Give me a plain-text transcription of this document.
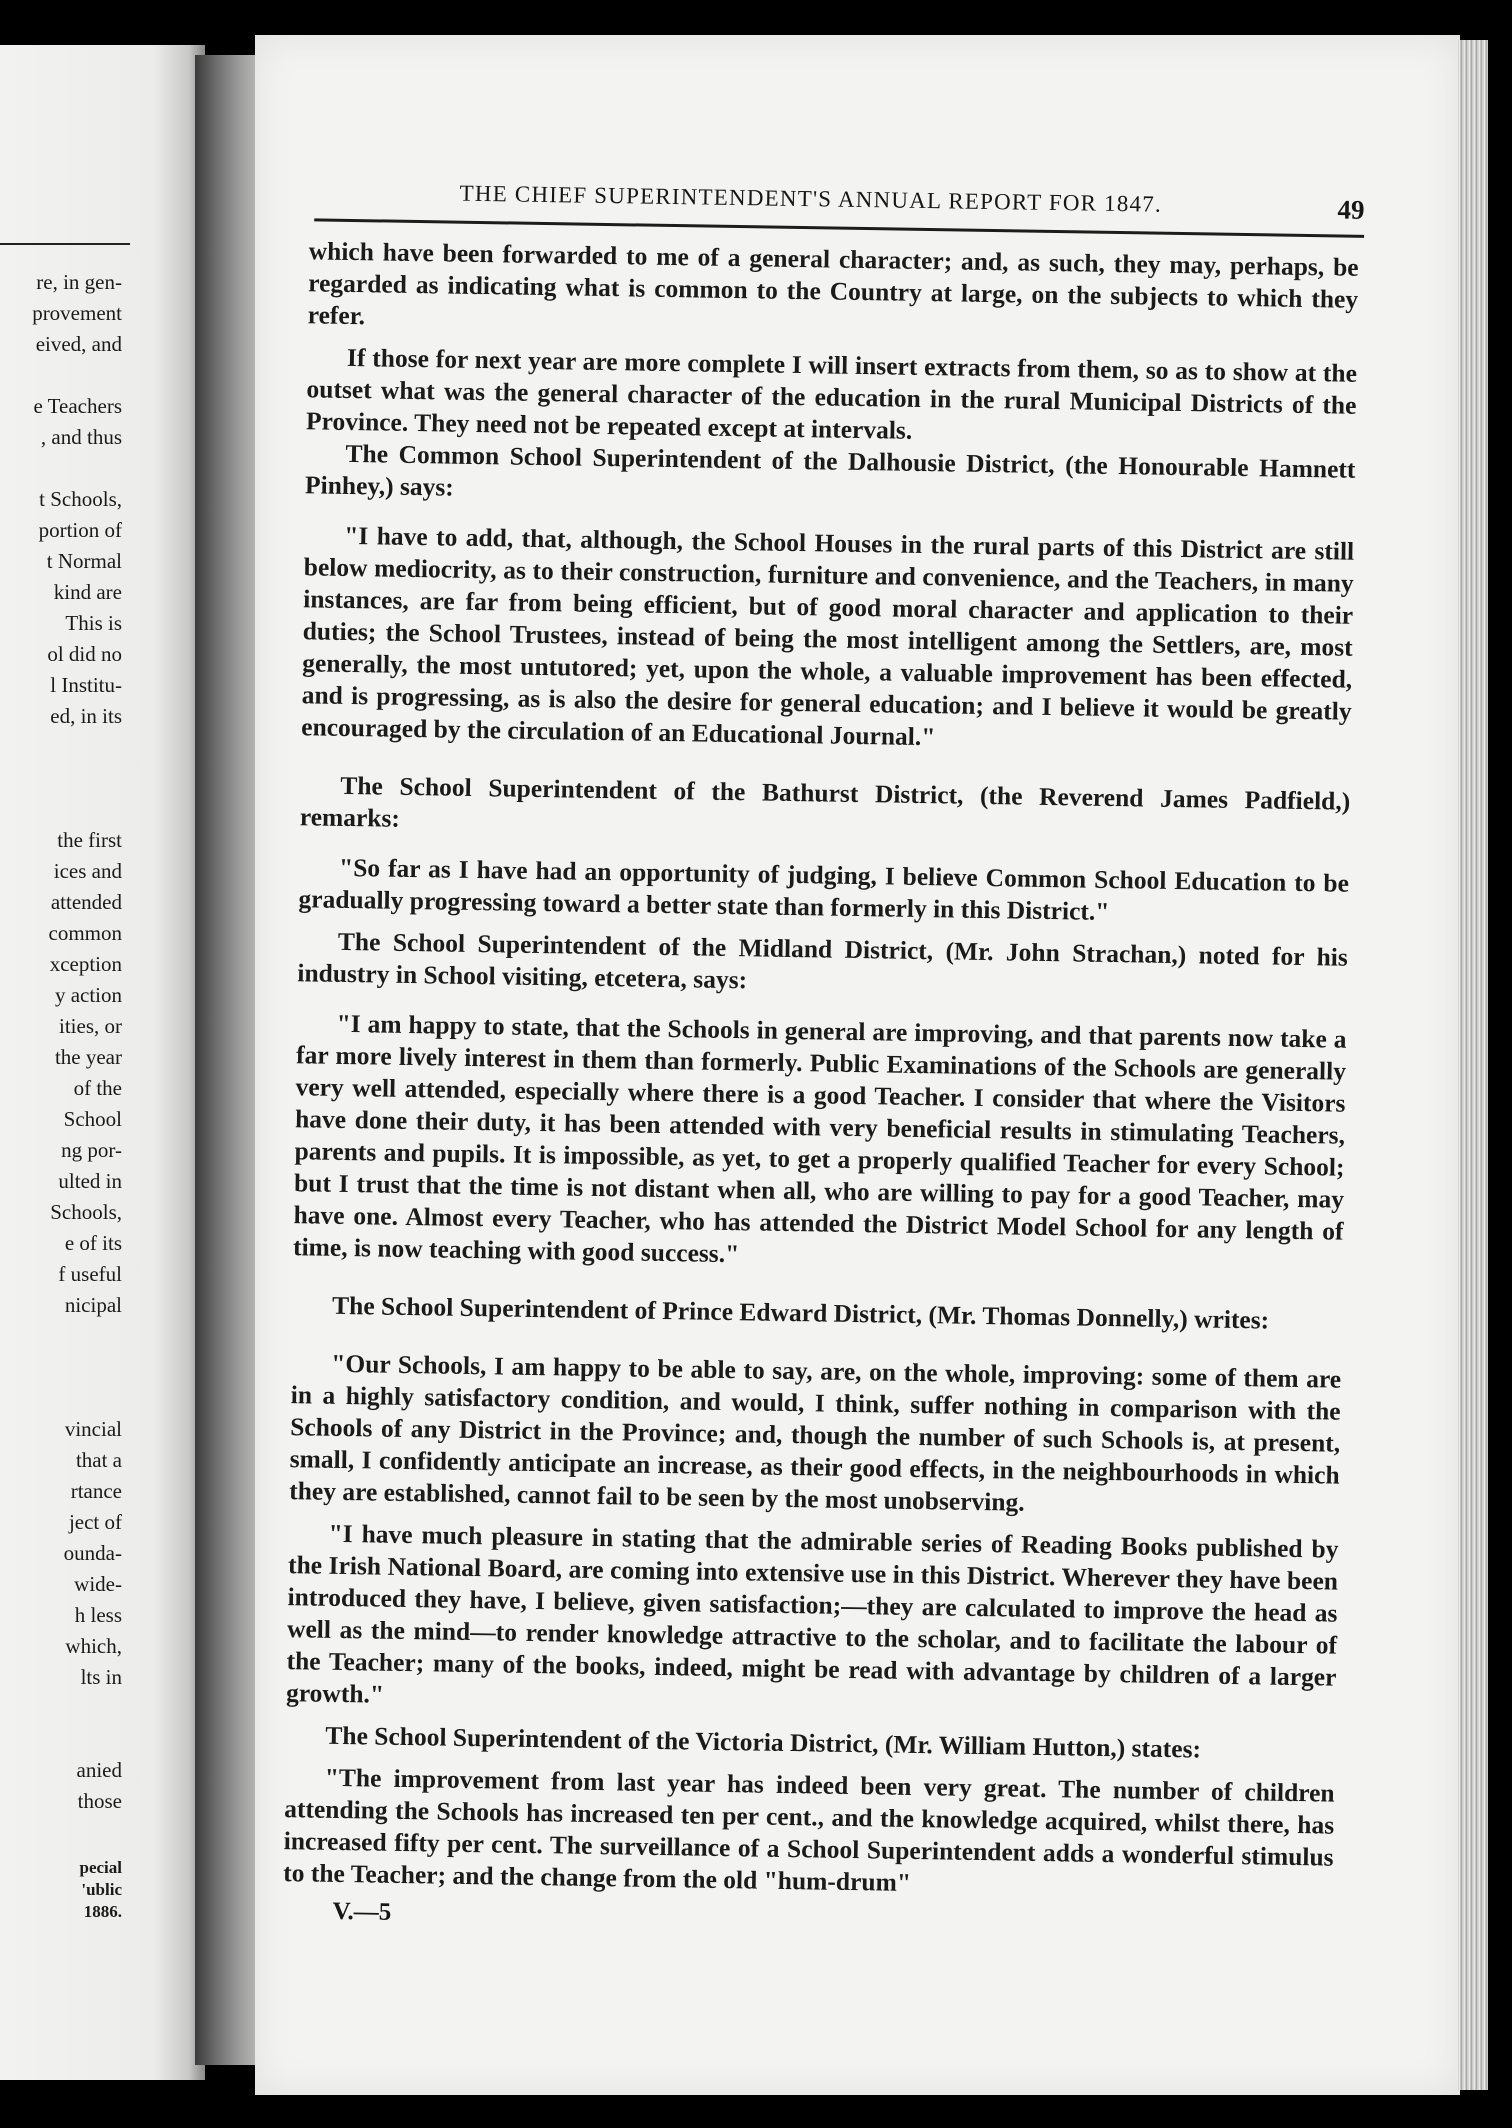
re, in gen-
provement
eived, and

e Teachers
, and thus

t Schools,
portion of
t Normal
kind are
This is
ol did no
l Institu-
ed, in its

the first
ices and
attended
common
xception
y action
ities, or
the year
of the
School
ng por-
ulted in
Schools,
e of its
f useful
nicipal

vincial
that a
rtance
ject of
ounda-
wide-
h less
which,
lts in

anied
those
pecial
'ublic
1886.
THE CHIEF SUPERINTENDENT'S ANNUAL REPORT FOR 1847.	49

which have been forwarded to me of a general character; and, as such, they may, perhaps, be regarded as indicating what is common to the Country at large, on the subjects to which they refer.

If those for next year are more complete I will insert extracts from them, so as to show at the outset what was the general character of the education in the rural Municipal Districts of the Province. They need not be repeated except at intervals.

The Common School Superintendent of the Dalhousie District, (the Honourable Hamnett Pinhey,) says:

"I have to add, that, although, the School Houses in the rural parts of this District are still below mediocrity, as to their construction, furniture and convenience, and the Teachers, in many instances, are far from being efficient, but of good moral character and application to their duties; the School Trustees, instead of being the most intelligent among the Settlers, are, most generally, the most untutored; yet, upon the whole, a valuable improvement has been effected, and is progressing, as is also the desire for general education; and I believe it would be greatly encouraged by the circulation of an Educational Journal."

The School Superintendent of the Bathurst District, (the Reverend James Padfield,) remarks:

"So far as I have had an opportunity of judging, I believe Common School Education to be gradually progressing toward a better state than formerly in this District."

The School Superintendent of the Midland District, (Mr. John Strachan,) noted for his industry in School visiting, etcetera, says:

"I am happy to state, that the Schools in general are improving, and that parents now take a far more lively interest in them than formerly. Public Examinations of the Schools are generally very well attended, especially where there is a good Teacher. I consider that where the Visitors have done their duty, it has been attended with very beneficial results in stimulating Teachers, parents and pupils. It is impossible, as yet, to get a properly qualified Teacher for every School; but I trust that the time is not distant when all, who are willing to pay for a good Teacher, may have one. Almost every Teacher, who has attended the District Model School for any length of time, is now teaching with good success."

The School Superintendent of Prince Edward District, (Mr. Thomas Donnelly,) writes:

"Our Schools, I am happy to be able to say, are, on the whole, improving: some of them are in a highly satisfactory condition, and would, I think, suffer nothing in comparison with the Schools of any District in the Province; and, though the number of such Schools is, at present, small, I confidently anticipate an increase, as their good effects, in the neighbourhoods in which they are established, cannot fail to be seen by the most unobserving.

"I have much pleasure in stating that the admirable series of Reading Books published by the Irish National Board, are coming into extensive use in this District. Wherever they have been introduced they have, I believe, given satisfaction;—they are calculated to improve the head as well as the mind—to render knowledge attractive to the scholar, and to facilitate the labour of the Teacher; many of the books, indeed, might be read with advantage by children of a larger growth."

The School Superintendent of the Victoria District, (Mr. William Hutton,) states:

"The improvement from last year has indeed been very great. The number of children attending the Schools has increased ten per cent., and the knowledge acquired, whilst there, has increased fifty per cent. The surveillance of a School Superintendent adds a wonderful stimulus to the Teacher; and the change from the old "hum-drum"

V.—5
